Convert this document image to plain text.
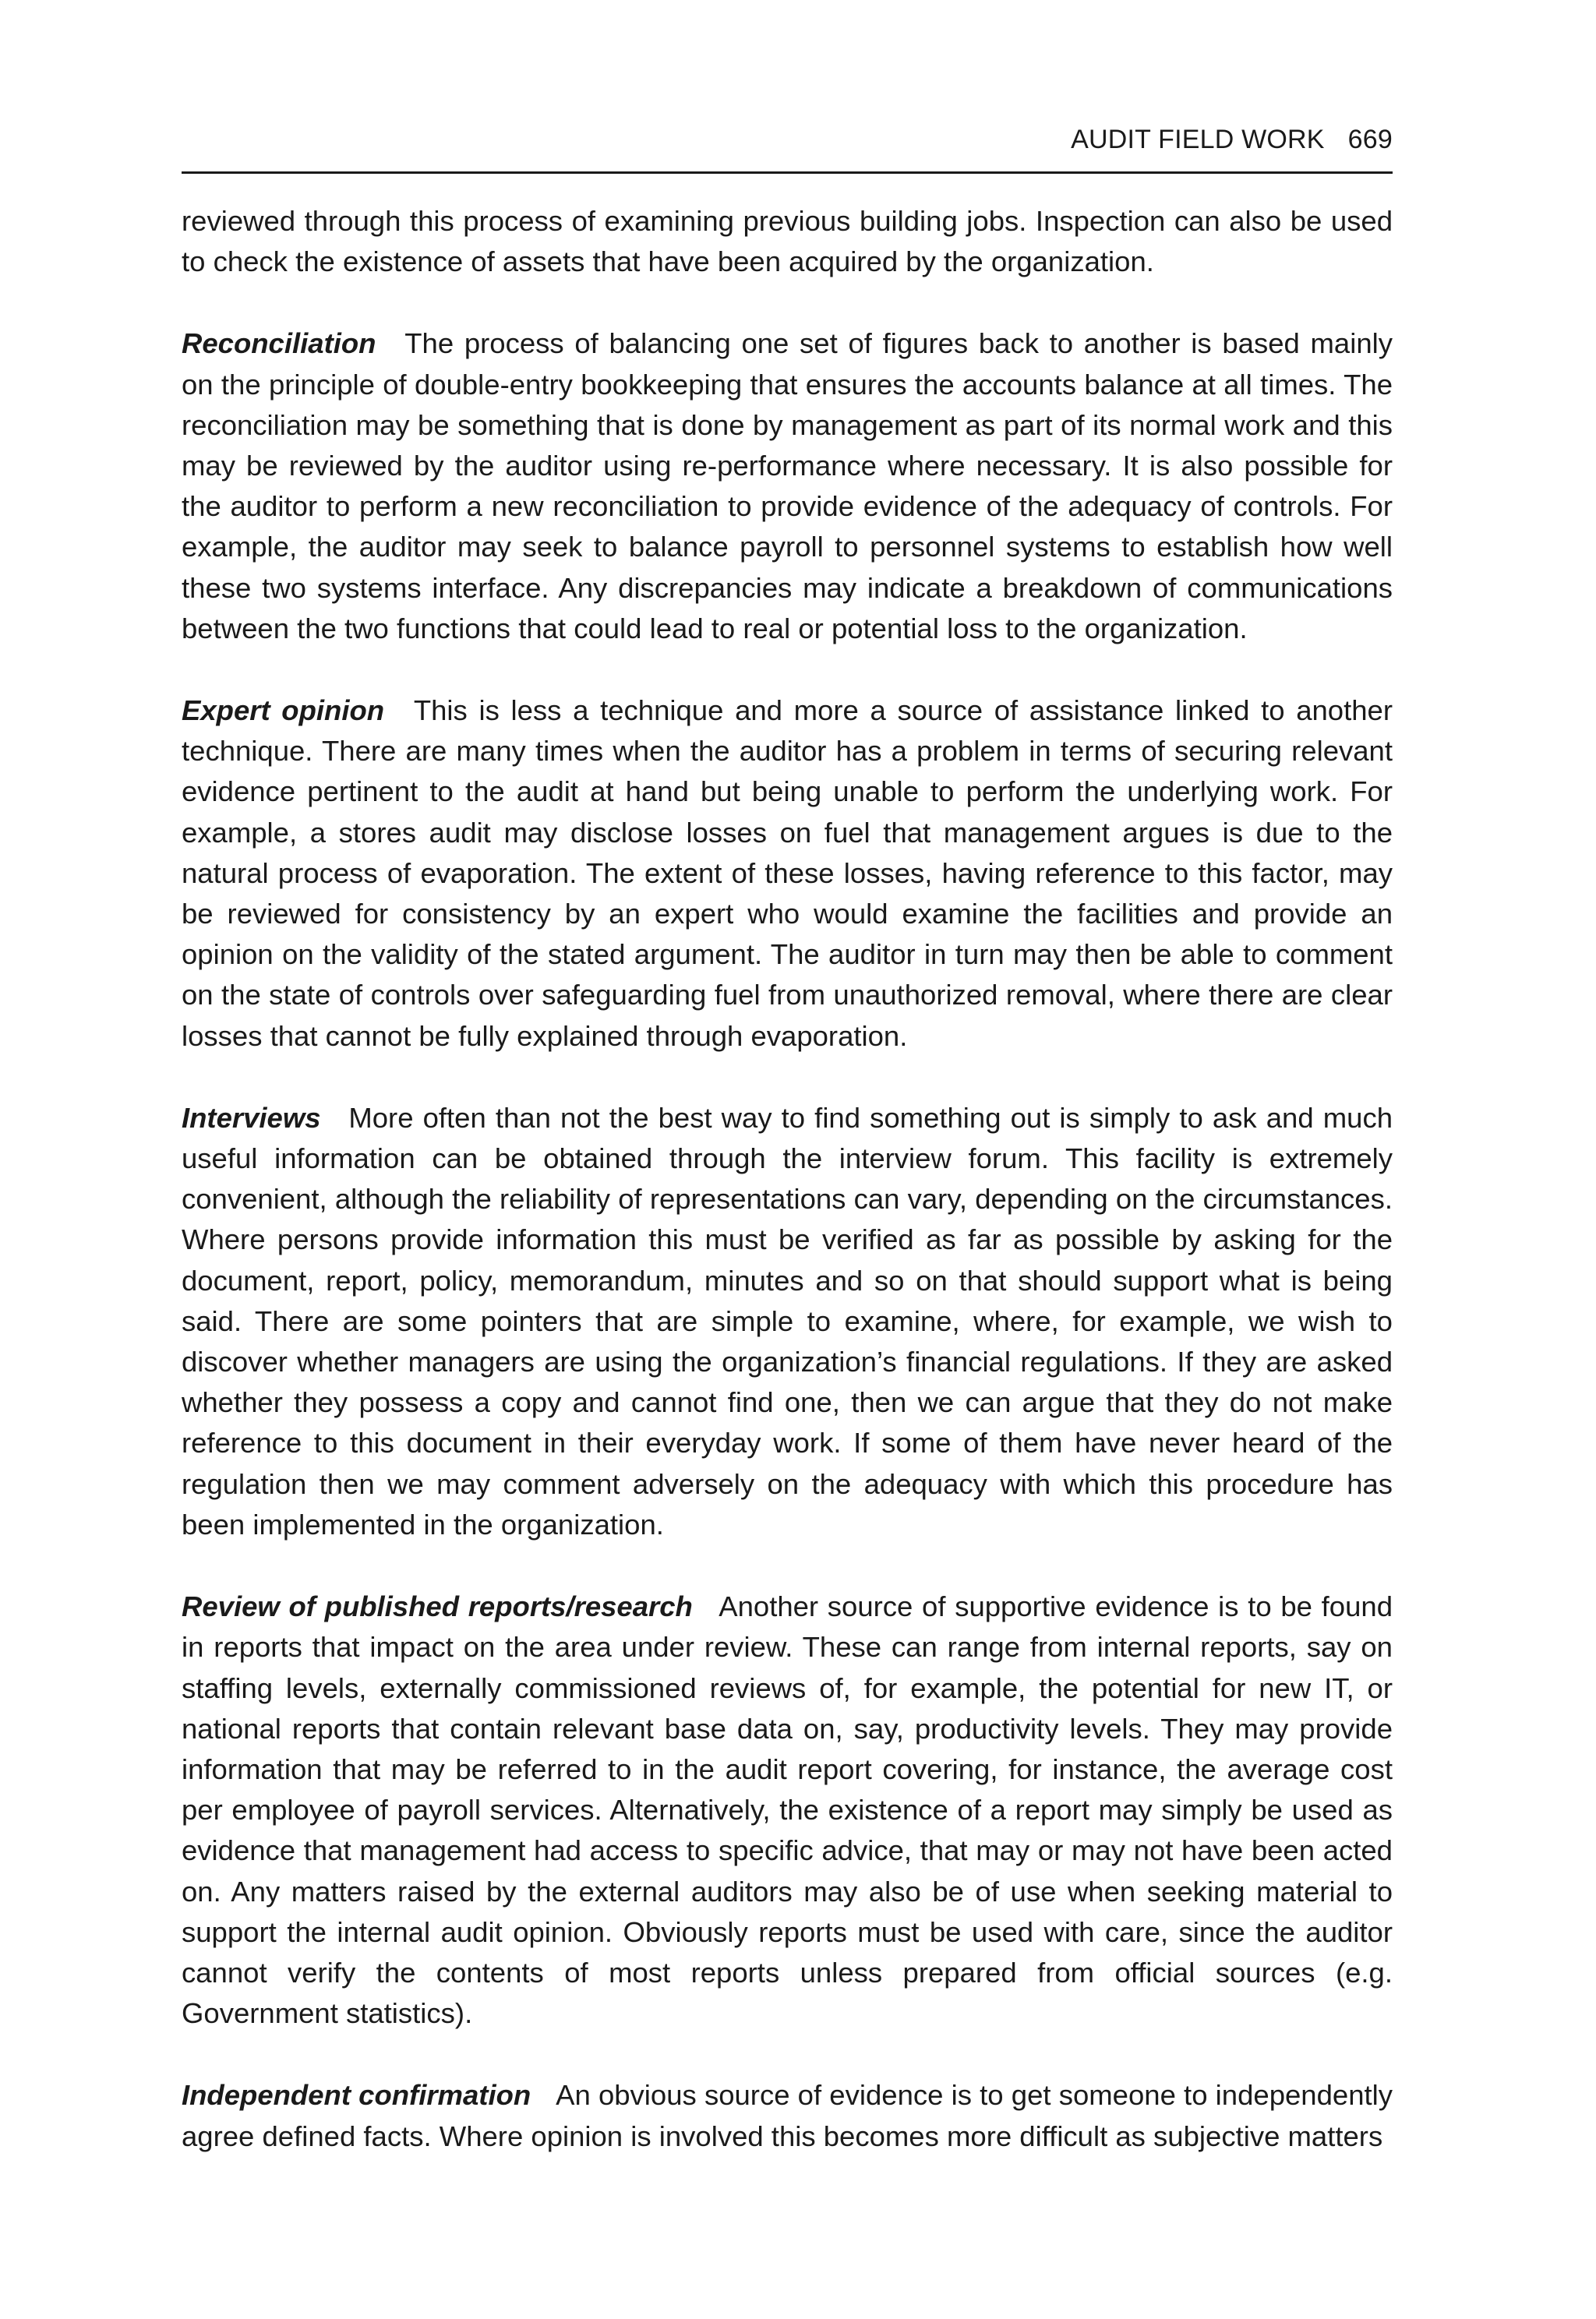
AUDIT FIELD WORK 669

reviewed through this process of examining previous building jobs. Inspection can also be used to check the existence of assets that have been acquired by the organization.

Reconciliation The process of balancing one set of figures back to another is based mainly on the principle of double-entry bookkeeping that ensures the accounts balance at all times. The reconciliation may be something that is done by management as part of its normal work and this may be reviewed by the auditor using re-performance where necessary. It is also possible for the auditor to perform a new reconciliation to provide evidence of the adequacy of controls. For example, the auditor may seek to balance payroll to personnel systems to establish how well these two systems interface. Any discrepancies may indicate a breakdown of communications between the two functions that could lead to real or potential loss to the organization.

Expert opinion This is less a technique and more a source of assistance linked to another technique. There are many times when the auditor has a problem in terms of securing relevant evidence pertinent to the audit at hand but being unable to perform the underlying work. For example, a stores audit may disclose losses on fuel that management argues is due to the natural process of evaporation. The extent of these losses, having reference to this factor, may be reviewed for consistency by an expert who would examine the facilities and provide an opinion on the validity of the stated argument. The auditor in turn may then be able to comment on the state of controls over safeguarding fuel from unauthorized removal, where there are clear losses that cannot be fully explained through evaporation.

Interviews More often than not the best way to find something out is simply to ask and much useful information can be obtained through the interview forum. This facility is extremely convenient, although the reliability of representations can vary, depending on the circumstances. Where persons provide information this must be verified as far as possible by asking for the document, report, policy, memorandum, minutes and so on that should support what is being said. There are some pointers that are simple to examine, where, for example, we wish to discover whether managers are using the organization’s financial regulations. If they are asked whether they possess a copy and cannot find one, then we can argue that they do not make reference to this document in their everyday work. If some of them have never heard of the regulation then we may comment adversely on the adequacy with which this procedure has been implemented in the organization.

Review of published reports/research Another source of supportive evidence is to be found in reports that impact on the area under review. These can range from internal reports, say on staffing levels, externally commissioned reviews of, for example, the potential for new IT, or national reports that contain relevant base data on, say, productivity levels. They may provide information that may be referred to in the audit report covering, for instance, the average cost per employee of payroll services. Alternatively, the existence of a report may simply be used as evidence that management had access to specific advice, that may or may not have been acted on. Any matters raised by the external auditors may also be of use when seeking material to support the internal audit opinion. Obviously reports must be used with care, since the auditor cannot verify the contents of most reports unless prepared from official sources (e.g. Government statistics).

Independent confirmation An obvious source of evidence is to get someone to independently agree defined facts. Where opinion is involved this becomes more difficult as subjective matters
